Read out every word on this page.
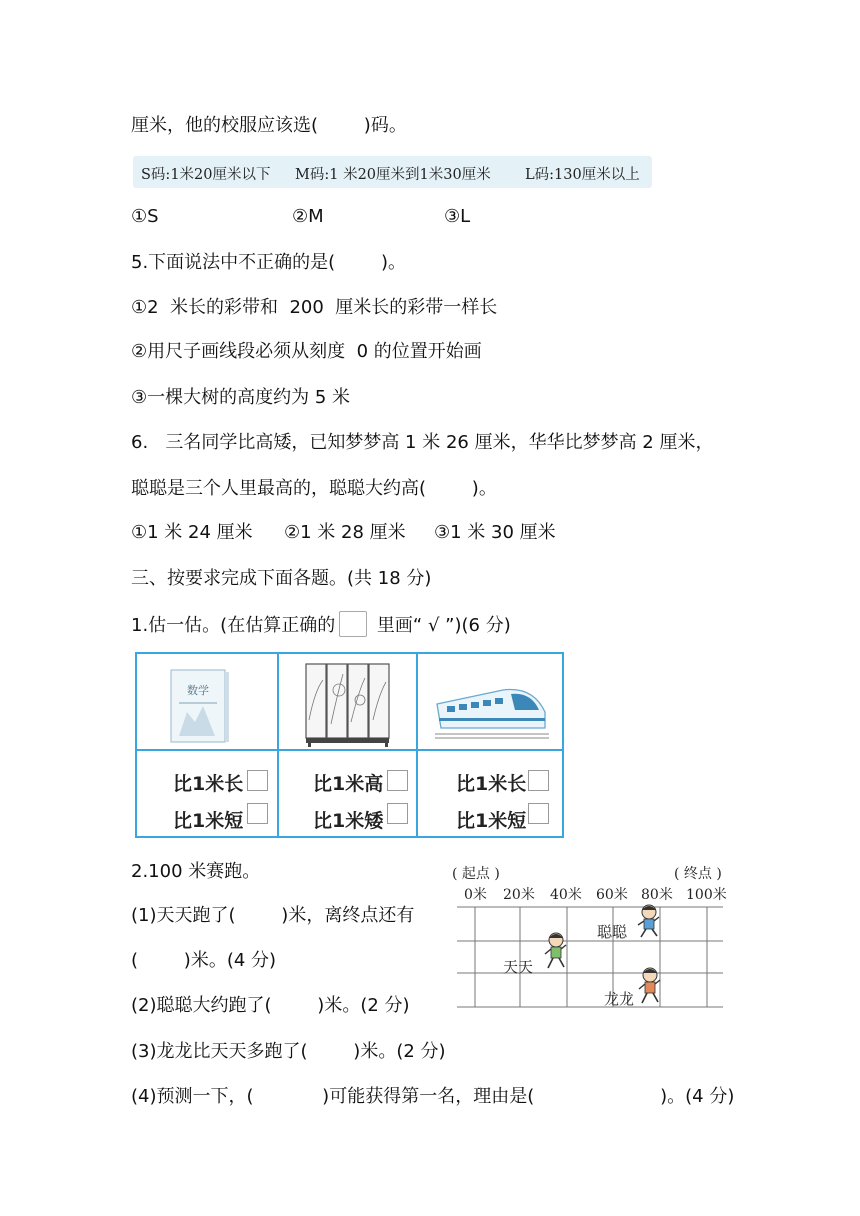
厘米，他的校服应该选(        )码。
S码:1米20厘米以下 M码:1 米20厘米到1米30厘米 L码:130厘米以上
①S	②M	③L
5.下面说法中不正确的是(        )。
①2  米长的彩带和  200  厘米长的彩带一样长
②用尺子画线段必须从刻度  0 的位置开始画
③一棵大树的高度约为 5 米
6.   三名同学比高矮，已知梦梦高 1 米 26 厘米，华华比梦梦高 2 厘米，
聪聪是三个人里最高的，聪聪大约高(        )。
①1 米 24 厘米 ②1 米 28 厘米 ③1 米 30 厘米
三、按要求完成下面各题。(共 18 分)
1.估一估。(在估算正确的 里画“ √ ”)(6 分)
数学
比1米长
比1米短
比1米高
比1米矮
比1米长
比1米短
2.100 米赛跑。
(1)天天跑了(        )米，离终点还有
(        )米。(4 分)
(2)聪聪大约跑了(        )米。(2 分)
(3)龙龙比天天多跑了(        )米。(2 分)
(4)预测一下，(            )可能获得第一名，理由是(                      )。(4 分)
( 起点 )	( 终点 )
0米 20米 40米 60米 80米 100米
聪聪
天天
龙龙
